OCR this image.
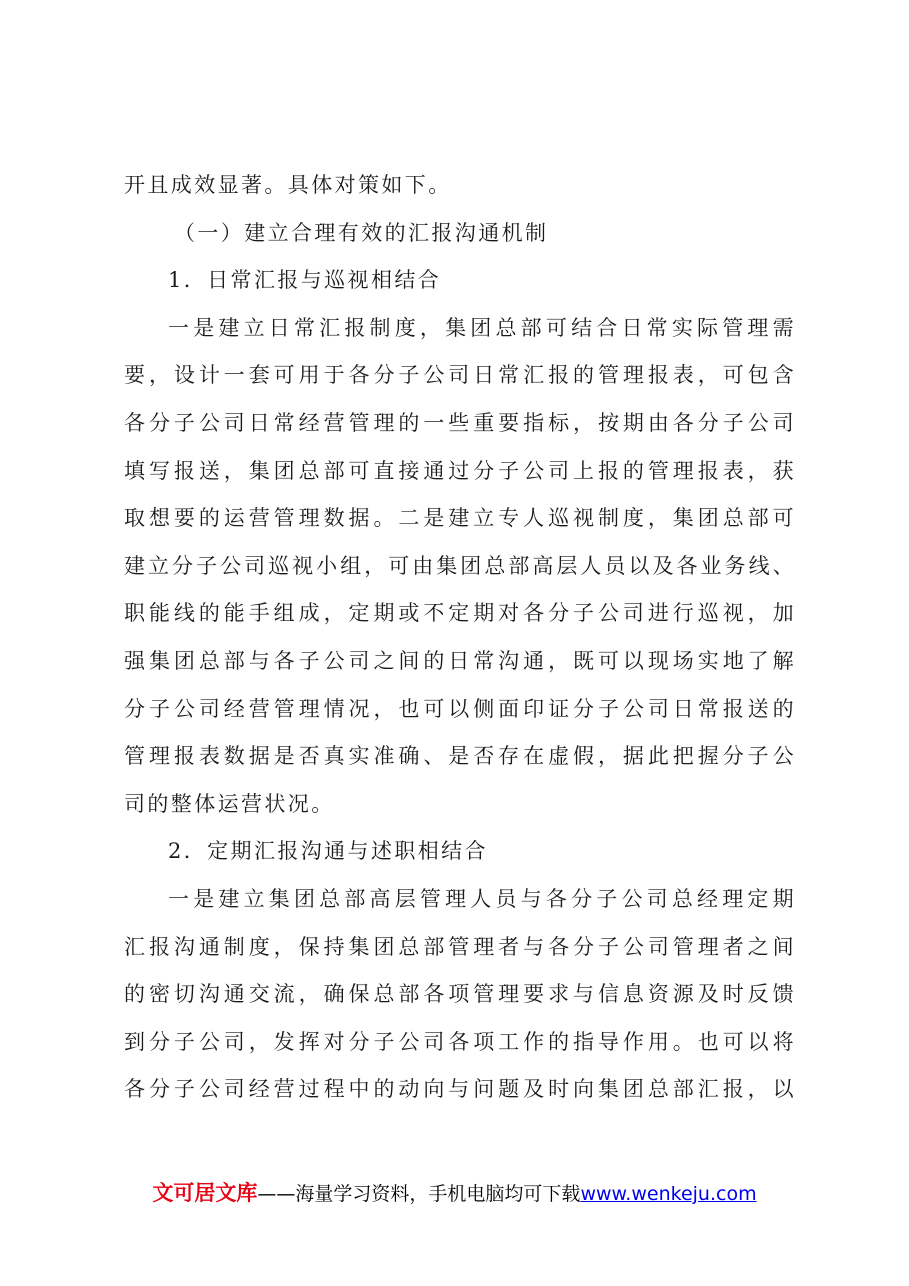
开且成效显著。具体对策如下。
（一）建立合理有效的汇报沟通机制
1．日常汇报与巡视相结合
一是建立日常汇报制度，集团总部可结合日常实际管理需
要，设计一套可用于各分子公司日常汇报的管理报表，可包含
各分子公司日常经营管理的一些重要指标，按期由各分子公司
填写报送，集团总部可直接通过分子公司上报的管理报表，获
取想要的运营管理数据。二是建立专人巡视制度，集团总部可
建立分子公司巡视小组，可由集团总部高层人员以及各业务线、
职能线的能手组成，定期或不定期对各分子公司进行巡视，加
强集团总部与各子公司之间的日常沟通，既可以现场实地了解
分子公司经营管理情况，也可以侧面印证分子公司日常报送的
管理报表数据是否真实准确、是否存在虚假，据此把握分子公
司的整体运营状况。
2．定期汇报沟通与述职相结合
一是建立集团总部高层管理人员与各分子公司总经理定期
汇报沟通制度，保持集团总部管理者与各分子公司管理者之间
的密切沟通交流，确保总部各项管理要求与信息资源及时反馈
到分子公司，发挥对分子公司各项工作的指导作用。也可以将
各分子公司经营过程中的动向与问题及时向集团总部汇报，以
文可居文库——海量学习资料，手机电脑均可下载www.wenkeju.com
